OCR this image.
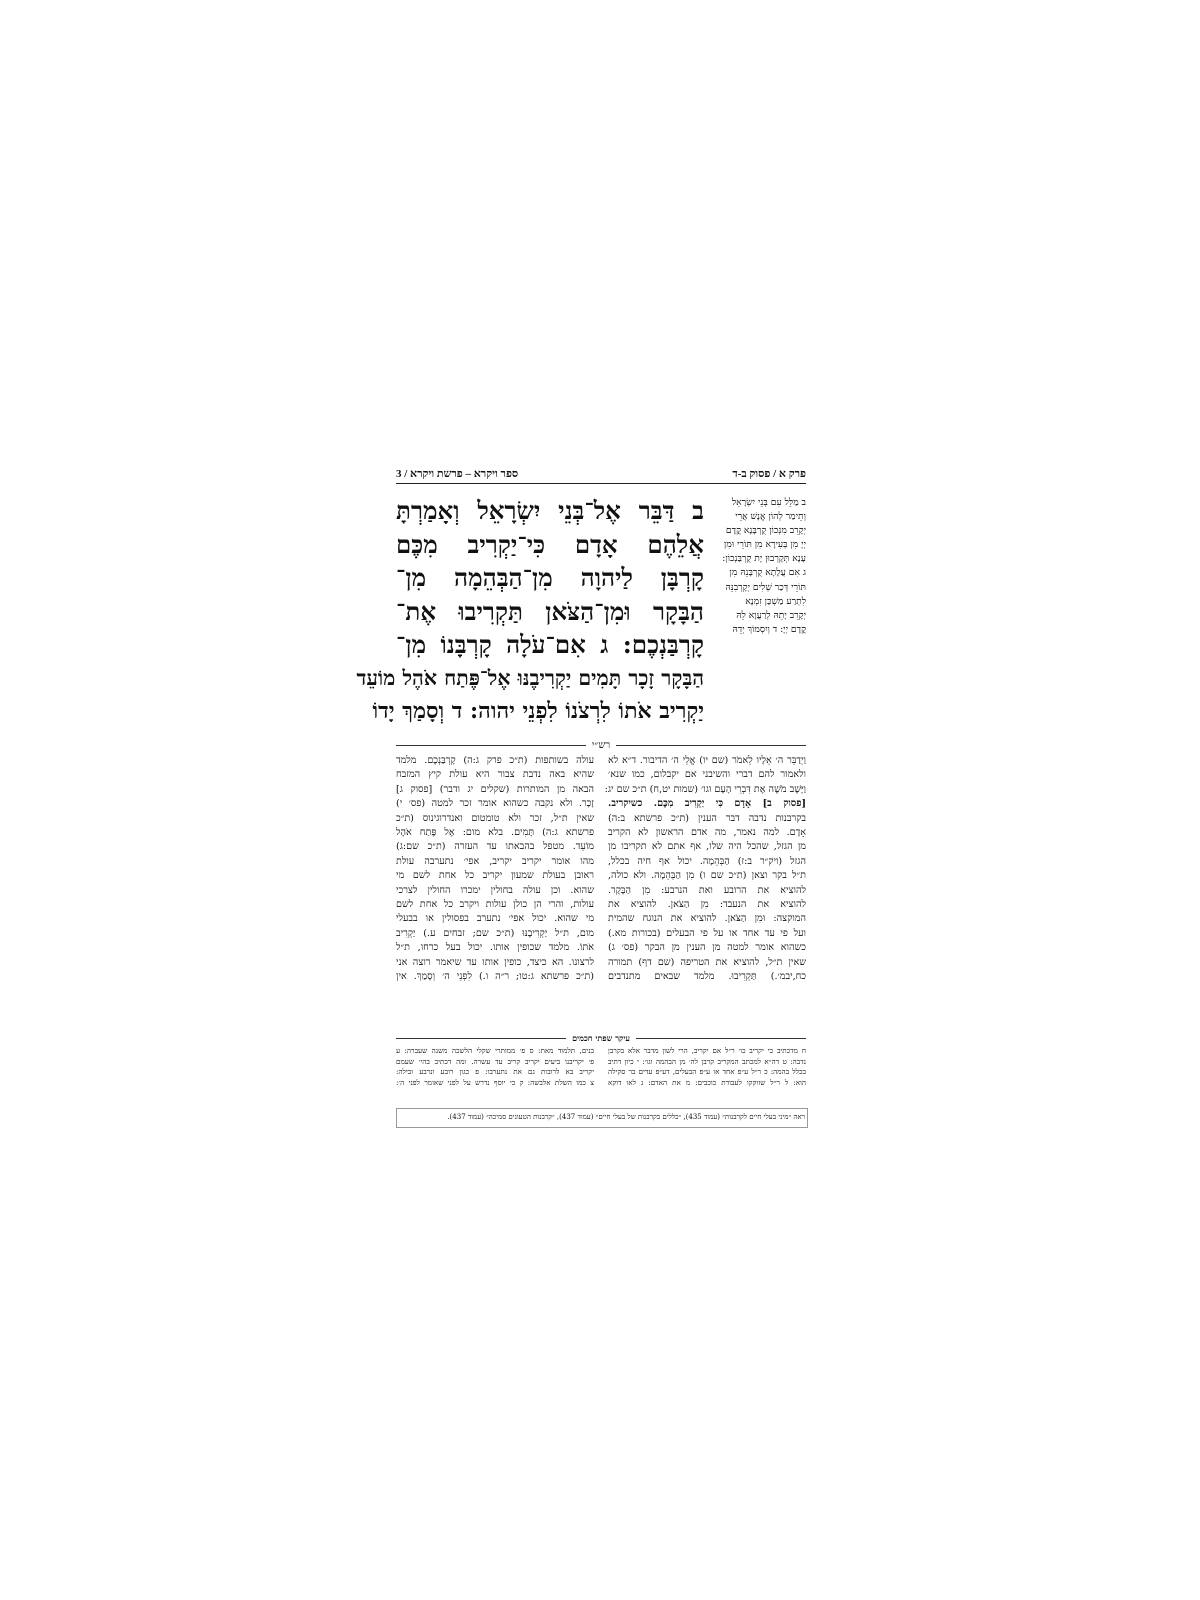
פרק א / פסוק ב-ד
ספר ויקרא – פרשת ויקרא / 3
ב מַלֵּל עִם בְּנֵי יִשְׂרָאֵל
וְתֵימַר לְהוֹן אֱנָשׁ אֲרֵי
יְקָרֵב מִנְּכוֹן קֻרְבָּנָא קֳדָם
יְיָ מִן בְּעִירָא מִן תּוֹרֵי וּמִן
עָנָא תְּקָרְבוּן יָת קֻרְבַּנְכוֹן:
ג אִם עֲלָתָא קֻרְבָּנֵהּ מִן
תּוֹרֵי דְּכַר שְׁלִים יְקָרְבִנֵּהּ
לִתְרַע מַשְׁכַּן זִמְנָא
יְקָרֵב יָתֵהּ לְרַעֲוָא לֵהּ
קֳדָם יְיָ: ד וְיִסְמוֹךְ יְדֵהּ
ב דַּבֵּר אֶל־בְּנֵי יִשְׂרָאֵל וְאָמַרְתָּ
אֲלֵהֶם אָדָם כִּי־יַקְרִיב מִכֶּם
קָרְבָּן לַיהוָה מִן־הַבְּהֵמָה מִן־
הַבָּקָר וּמִן־הַצֹּאן תַּקְרִיבוּ אֶת־
קָרְבַּנְכֶם: ג אִם־עֹלָה קָרְבָּנוֹ מִן־
הַבָּקָר זָכָר תָּמִים יַקְרִיבֶנּוּ אֶל־פֶּתַח אֹהֶל מוֹעֵד
יַקְרִיב אֹתוֹ לִרְצֹנוֹ לִפְנֵי יהוה: ד וְסָמַךְ יָדוֹ
רש״י
וַיְדַבֵּר ה׳ אֵלָיו לֵאמֹר (שם יו) אֱלֵי ה׳ הדיבור. ד״א לא
ולאמור להם דברי והשיבני אם יקבלום, כמו שנא׳
וַיָּשֶׁב מֹשֶׁה אֶת דִּבְרֵי הָעָם וגו׳ (שמות יט,ח) ת״כ שם יג:
[פסוק ב] אָדָם כִּי יַקְרִיב מִכֶּם. כשיקריב.
בקרבנות נדבה דבר הענין (ת״כ פרשתא ב:ה)
אָדָם. למה נאמר, מה אדם הראשון לא הקריב
מן הגזל, שהכל היה שלו, אף אתם לא תקריבו מן
הגזל (ויק״ר ב:ז) הַבְּהֵמָה. יכול אף חיה בכלל,
ת״ל בקר וצאן (ת״כ שם ו) מִן הַבְּהֵמָה. ולא כולה,
להוציא את הרובע ואת הנרבע: מִן הַבָּקָר.
להוציא את הנעבד: מִן הַצֹּאן. להוציא את
המוקצה: וּמִן הַצֹּאן. להוציא את הנוגח שהמית
ועל פי עד אחד או על פי הבעלים (בכורות מא.)
כשהוא אומר למטה מן הענין מן הבקר (פס׳ ג)
שאין ת״ל, להוציא את הטריפה (שם דף) תמורה
כח,יבמ׳.) תַּקְרִיבוּ. מלמד שבאים מתנדבים
עולה בשותפות (ת״כ פרק ג:ה) קָרְבַּנְכֶם. מלמד
שהיא באה נדבת צבור היא עולת קיץ המזבח
הבאה מן המותרות (שקלים יג ודבר) [פסוק ג]
זָכָר. ולא נקבה כשהוא אומר זכר למטה (פס׳ י)
שאין ת״ל, זכר ולא טומטום ואנדרוגינוס (ת״כ
פרשתא ג:ה) תָּמִים. בלא מום: אֶל פֶּתַח אֹהֶל
מוֹעֵד. מטפל בהבאתו עד העזרה (ת״כ שם:ג)
מהו אומר יקריב יקריב, אפי׳ נתערבה עולת
ראובן בעולת שמעון יקריב כל אחת לשם מי
שהוא. וכן עולה בחולין ימכרו החולין לצרכי
עולות, והרי הן כולן עולות ויקרב כל אחת לשם
מי שהוא. יכול אפי׳ נתערב בפסולין או בבעלי
מום, ת״ל יַקְרִיבֶנּוּ (ת״כ שם; זבחים ע.) יַקְרִיב
אֹתוֹ. מלמד שכופין אותו. יכול בעל כרחו, ת״ל
לרצונו. הא כיצד, כופין אותו עד שיאמר רוצה אני
(ת״כ פרשתא ג:טו; ר״ה ו.) לִפְנֵי ה׳ וְסָמַךְ. אין
עיקר שפתי חכמים
ח מדכתיב כי יקריב כו׳ ר״ל אם יקריב, הרי לשון מדבר אלא בקרבן
נדבה: ט דה״א למכתב המקריב קרבן לה׳ מן הבהמה וגו׳: י כיון דתיב
בכלל בהמה: כ ר״ל ע״פ אחד או ע״פ הבעלים, דע״פ עדים בר סקילה
הוא: ל ר״ל שזוקקו לעבודת כוכבים: מ את האדם: נ לאו דוקא
בנים, תלמוד מאת: ס פ׳ ממותרי שקלי הלשכה משנה שעברה: ע
פ׳ יקריבנו ביעים יקריב קריב עד עשרה. ומה דכתיב בהי׳ שעמם
יקריב בא לרובות גם את נתערבו: פ כגון רובע ונרבע ובילה:
צ כמו השלת אלבשה: ק כי יוסף נדרש על לפני שאומר לפני ה׳:
ראה ״מיני בעלי חיים לקרבנות״ (עמוד 435), ״כללים בקרבנות של בעלי חיים״ (עמוד 437), ״קרבנות הטעונים סמיכה״ (עמוד 437).
